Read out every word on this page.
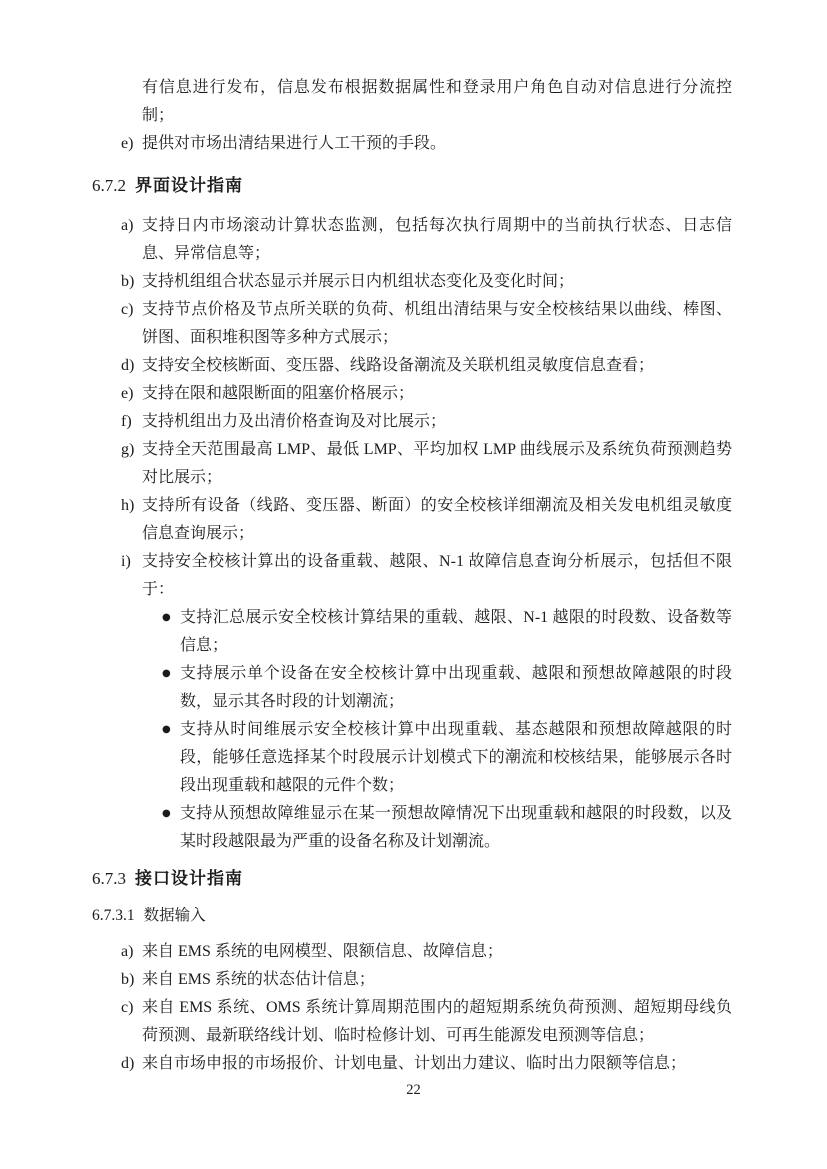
有信息进行发布，信息发布根据数据属性和登录用户角色自动对信息进行分流控制；

e) 提供对市场出清结果进行人工干预的手段。
6.7.2 界面设计指南
a) 支持日内市场滚动计算状态监测，包括每次执行周期中的当前执行状态、日志信息、异常信息等；
b) 支持机组组合状态显示并展示日内机组状态变化及变化时间；
c) 支持节点价格及节点所关联的负荷、机组出清结果与安全校核结果以曲线、棒图、饼图、面积堆积图等多种方式展示；
d) 支持安全校核断面、变压器、线路设备潮流及关联机组灵敏度信息查看；
e) 支持在限和越限断面的阻塞价格展示；
f) 支持机组出力及出清价格查询及对比展示；
g) 支持全天范围最高 LMP、最低 LMP、平均加权 LMP 曲线展示及系统负荷预测趋势对比展示；
h) 支持所有设备（线路、变压器、断面）的安全校核详细潮流及相关发电机组灵敏度信息查询展示；
i) 支持安全校核计算出的设备重载、越限、N-1 故障信息查询分析展示，包括但不限于：
● 支持汇总展示安全校核计算结果的重载、越限、N-1 越限的时段数、设备数等信息；
● 支持展示单个设备在安全校核计算中出现重载、越限和预想故障越限的时段数，显示其各时段的计划潮流；
● 支持从时间维展示安全校核计算中出现重载、基态越限和预想故障越限的时段，能够任意选择某个时段展示计划模式下的潮流和校核结果，能够展示各时段出现重载和越限的元件个数；
● 支持从预想故障维显示在某一预想故障情况下出现重载和越限的时段数，以及某时段越限最为严重的设备名称及计划潮流。
6.7.3 接口设计指南
6.7.3.1 数据输入
a) 来自 EMS 系统的电网模型、限额信息、故障信息；
b) 来自 EMS 系统的状态估计信息；
c) 来自 EMS 系统、OMS 系统计算周期范围内的超短期系统负荷预测、超短期母线负荷预测、最新联络线计划、临时检修计划、可再生能源发电预测等信息；
d) 来自市场申报的市场报价、计划电量、计划出力建议、临时出力限额等信息；
22
